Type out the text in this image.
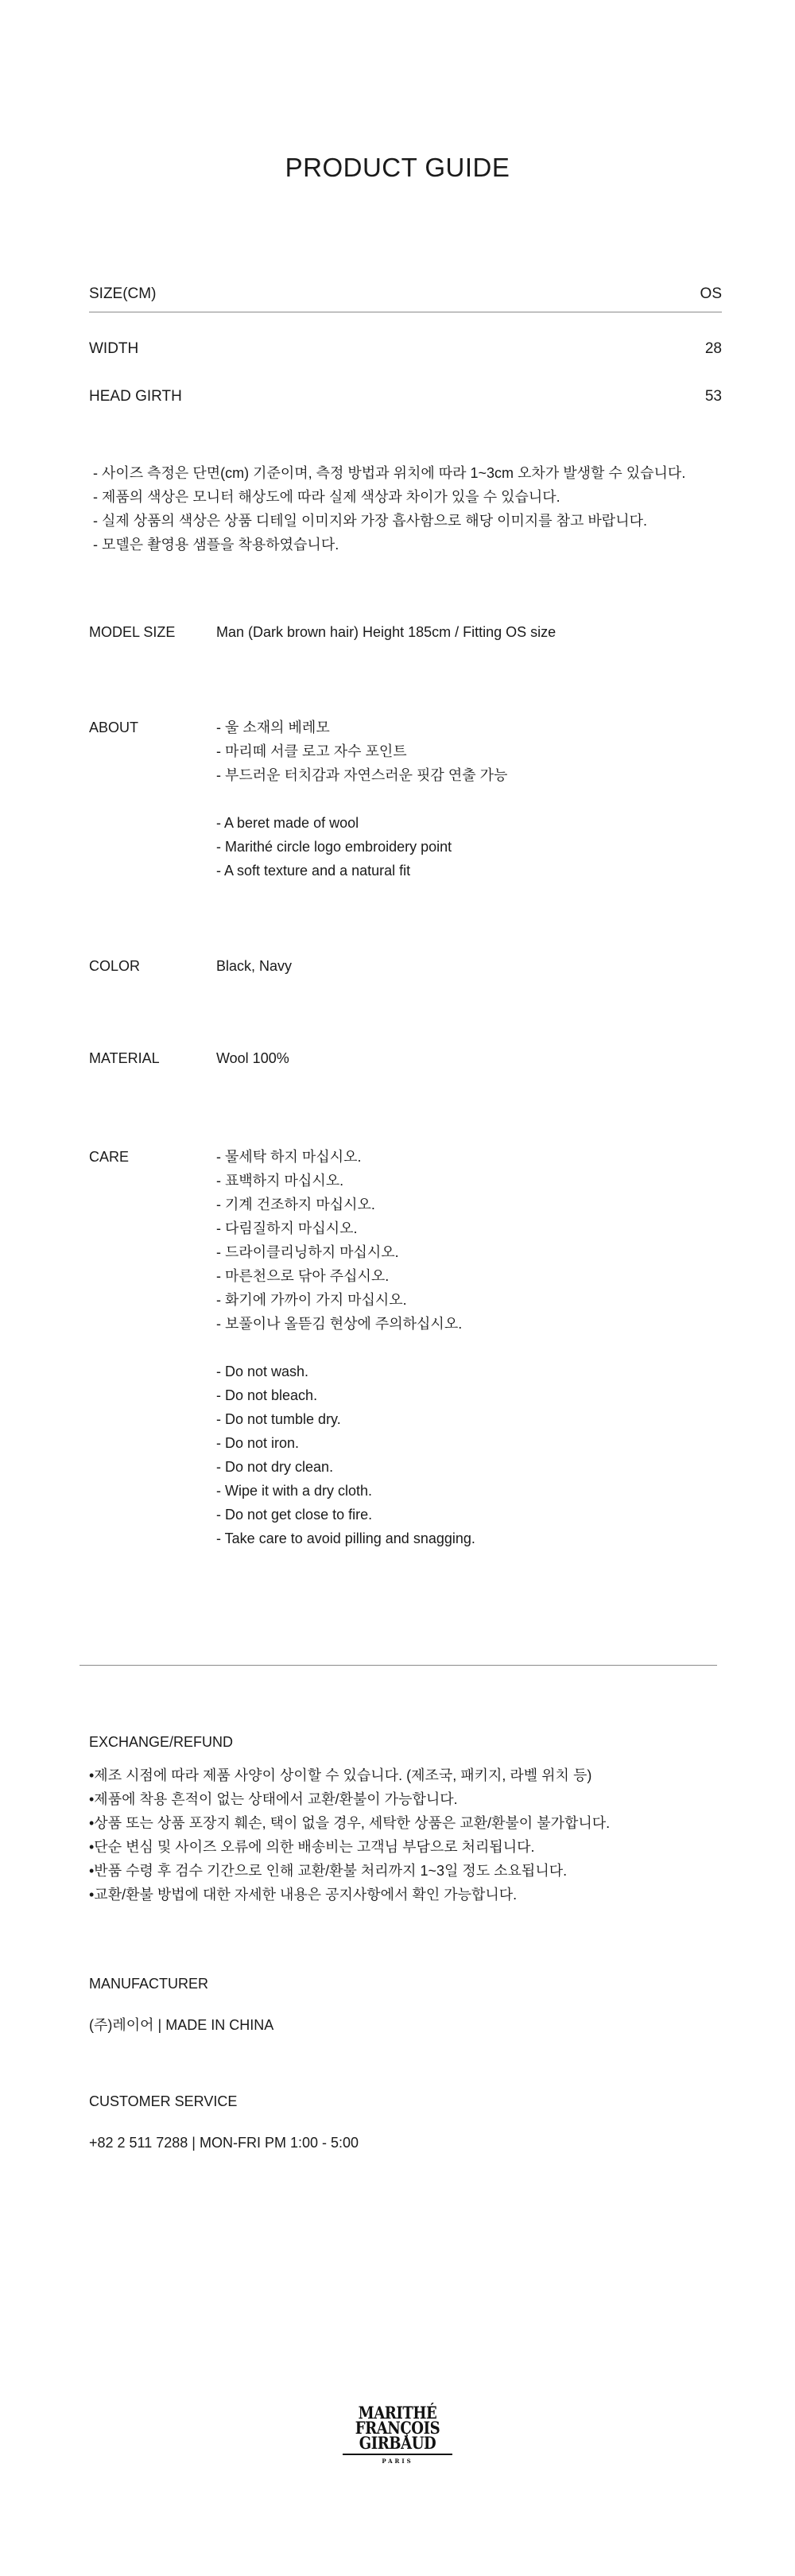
PRODUCT GUIDE
SIZE(CM)	OS
WIDTH	28
HEAD GIRTH	53
- 사이즈 측정은 단면(cm) 기준이며, 측정 방법과 위치에 따라 1~3cm 오차가 발생할 수 있습니다.
- 제품의 색상은 모니터 해상도에 따라 실제 색상과 차이가 있을 수 있습니다.
- 실제 상품의 색상은 상품 디테일 이미지와 가장 흡사함으로 해당 이미지를 참고 바랍니다.
- 모델은 촬영용 샘플을 착용하였습니다.
MODEL SIZE	Man (Dark brown hair) Height 185cm / Fitting OS size
ABOUT	- 울 소재의 베레모
- 마리떼 서클 로고 자수 포인트
- 부드러운 터치감과 자연스러운 핏감 연출 가능
- A beret made of wool
- Marithé circle logo embroidery point
- A soft texture and a natural fit
COLOR	Black, Navy
MATERIAL	Wool 100%
CARE	- 물세탁 하지 마십시오.
- 표백하지 마십시오.
- 기계 건조하지 마십시오.
- 다림질하지 마십시오.
- 드라이클리닝하지 마십시오.
- 마른천으로 닦아 주십시오.
- 화기에 가까이 가지 마십시오.
- 보풀이나 올뜯김 현상에 주의하십시오.
- Do not wash.
- Do not bleach.
- Do not tumble dry.
- Do not iron.
- Do not dry clean.
- Wipe it with a dry cloth.
- Do not get close to fire.
- Take care to avoid pilling and snagging.
EXCHANGE/REFUND
•제조 시점에 따라 제품 사양이 상이할 수 있습니다. (제조국, 패키지, 라벨 위치 등)
•제품에 착용 흔적이 없는 상태에서 교환/환불이 가능합니다.
•상품 또는 상품 포장지 훼손, 택이 없을 경우, 세탁한 상품은 교환/환불이 불가합니다.
•단순 변심 및 사이즈 오류에 의한 배송비는 고객님 부담으로 처리됩니다.
•반품 수령 후 검수 기간으로 인해 교환/환불 처리까지 1~3일 정도 소요됩니다.
•교환/환불 방법에 대한 자세한 내용은 공지사항에서 확인 가능합니다.
MANUFACTURER
(주)레이어 | MADE IN CHINA
CUSTOMER SERVICE
+82 2 511 7288 | MON-FRI PM 1:00 - 5:00
MARITHÉ
FRANÇOIS
GIRBAUD
PARIS
